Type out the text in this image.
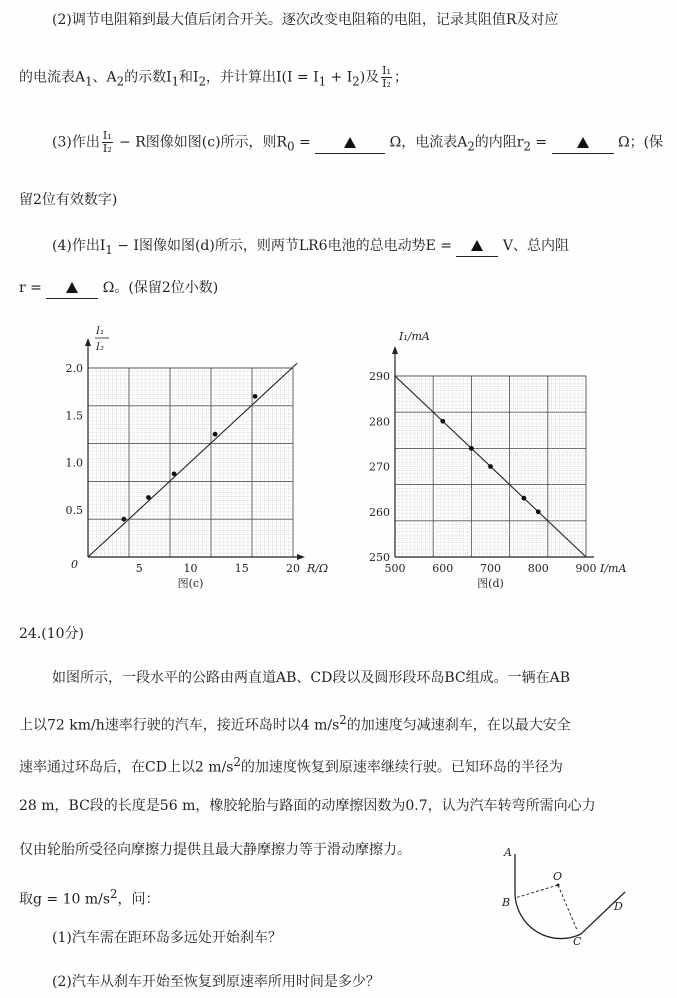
(2)调节电阻箱到最大值后闭合开关。逐次改变电阻箱的电阻，记录其阻值R及对应
的电流表$A_1$、$A_2$的示数$I_1$和$I_2$，并计算出$I(I = I_1 + I_2)$及 $\frac{\text{I₁}}{\text{I₂}}$ ；
(3)作出 $\frac{\text{I₁}}{\text{I₂}} - R$图像如图(c)所示，则$R_0$ =	Ω，电流表$A_2$的内阻$r_2$ =	Ω；(保
留2位有效数字)
(4)作出$I_1 - I$图像如图(d)所示，则两节LR6电池的总电动势E =	V、总内阻
r =	Ω。(保留2位小数)
5	10	15	20
0.5
1.0
1.5
2.0
R/Ω
图(c)
0
I₁
I₂
500 600 700 800 900
250
260
270
280
290
I/mA
图(d)
I₁/mA
24.(10分)
如图所示，一段水平的公路由两直道AB、CD段以及圆形段环岛BC组成。一辆在AB
上以72 km/h速率行驶的汽车，接近环岛时以4 $m/s^2$的加速度匀减速刹车，在以最大安全
速率通过环岛后，在CD上以2 $m/s^2$的加速度恢复到原速率继续行驶。已知环岛的半径为
28 m，BC段的长度是56 m，橡胶轮胎与路面的动摩擦因数为0.7，认为汽车转弯所需向心力
仅由轮胎所受径向摩擦力提供且最大静摩擦力等于滑动摩擦力。
取g = 10 $m/s^2$，问：
(1)汽车需在距环岛多远处开始刹车？
(2)汽车从刹车开始至恢复到原速率所用时间是多少？
A
B
O
C
D
